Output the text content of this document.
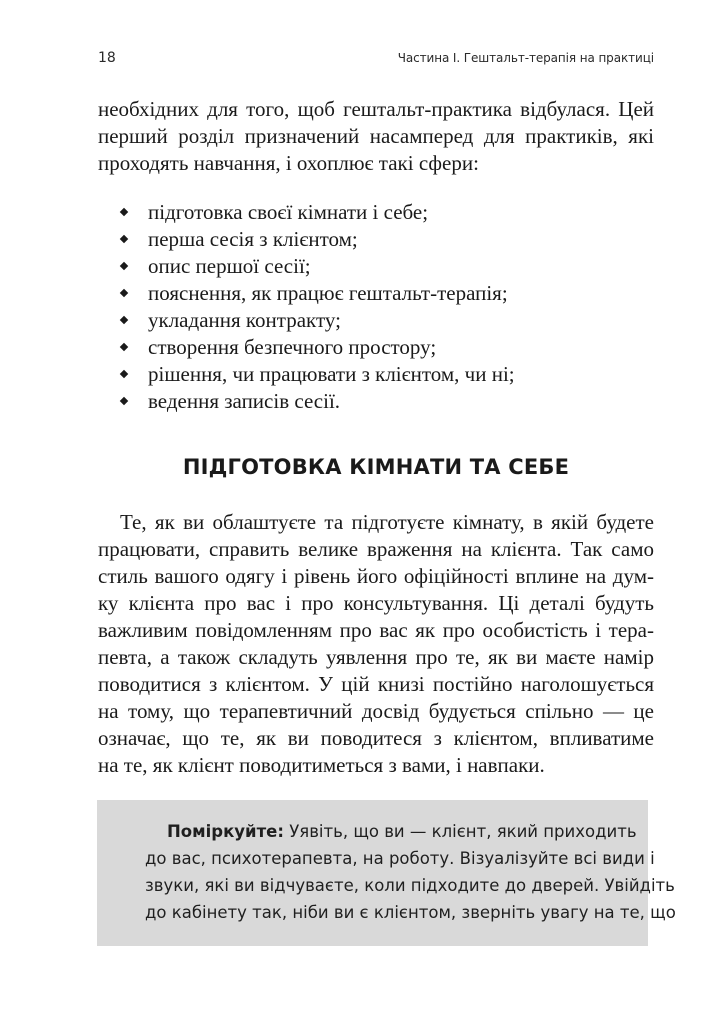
18	Частина І. Гештальт-терапія на практиці
необхідних для того, щоб гештальт-практика відбулася. Цей
перший розділ призначений насамперед для практиків, які
проходять навчання, і охоплює такі сфери:
підготовка своєї кімнати і себе;
перша сесія з клієнтом;
опис першої сесії;
пояснення, як працює гештальт-терапія;
укладання контракту;
створення безпечного простору;
рішення, чи працювати з клієнтом, чи ні;
ведення записів сесії.
ПІДГОТОВКА КІМНАТИ ТА СЕБЕ
Те, як ви облаштуєте та підготуєте кімнату, в якій будете
працювати, справить велике враження на клієнта. Так само
стиль вашого одягу і рівень його офіційності вплине на дум-
ку клієнта про вас і про консультування. Ці деталі будуть
важливим повідомленням про вас як про особистість і тера-
певта, а також складуть уявлення про те, як ви маєте намір
поводитися з клієнтом. У цій книзі постійно наголошується
на тому, що терапевтичний досвід будується спільно — це
означає, що те, як ви поводитеся з клієнтом, впливатиме
на те, як клієнт поводитиметься з вами, і навпаки.
Поміркуйте: Уявіть, що ви — клієнт, який приходить
до вас, психотерапевта, на роботу. Візуалізуйте всі види і
звуки, які ви відчуваєте, коли підходите до дверей. Увійдіть
до кабінету так, ніби ви є клієнтом, зверніть увагу на те, що
